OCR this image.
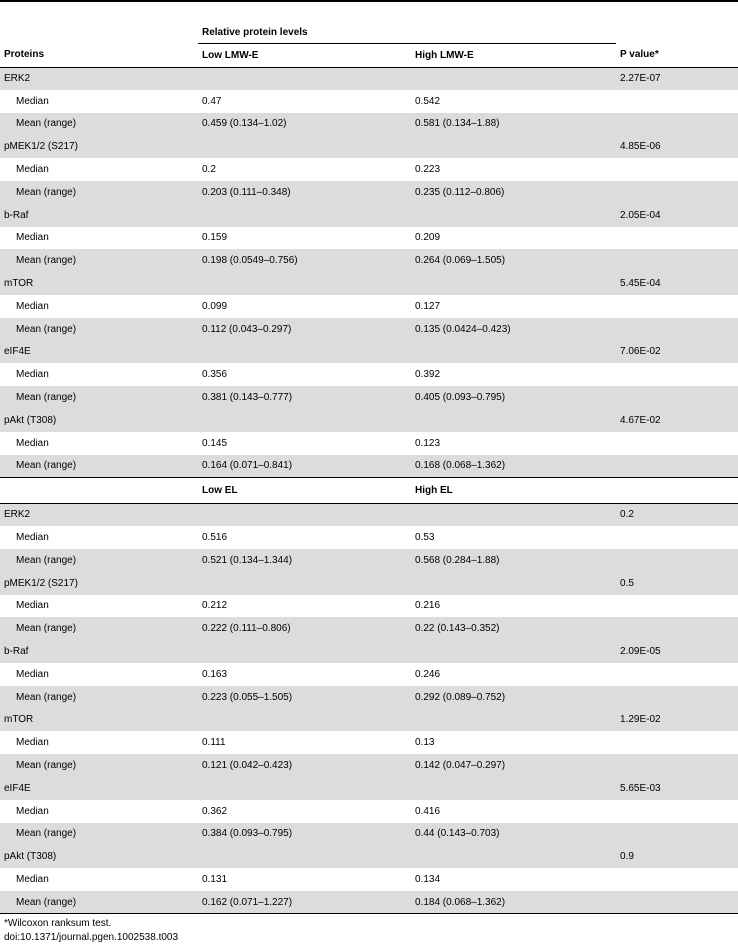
	Relative protein levels		
Proteins	Low LMW-E	High LMW-E	P value*
ERK2			2.27E-07
Median	0.47	0.542	
Mean (range)	0.459 (0.134–1.02)	0.581 (0.134–1.88)	
pMEK1/2 (S217)			4.85E-06
Median	0.2	0.223	
Mean (range)	0.203 (0.111–0.348)	0.235 (0.112–0.806)	
b-Raf			2.05E-04
Median	0.159	0.209	
Mean (range)	0.198 (0.0549–0.756)	0.264 (0.069–1.505)	
mTOR			5.45E-04
Median	0.099	0.127	
Mean (range)	0.112 (0.043–0.297)	0.135 (0.0424–0.423)	
eIF4E			7.06E-02
Median	0.356	0.392	
Mean (range)	0.381 (0.143–0.777)	0.405 (0.093–0.795)	
pAkt (T308)			4.67E-02
Median	0.145	0.123	
Mean (range)	0.164 (0.071–0.841)	0.168 (0.068–1.362)	
	Low EL	High EL	
ERK2			0.2
Median	0.516	0.53	
Mean (range)	0.521 (0.134–1.344)	0.568 (0.284–1.88)	
pMEK1/2 (S217)			0.5
Median	0.212	0.216	
Mean (range)	0.222 (0.111–0.806)	0.22 (0.143–0.352)	
b-Raf			2.09E-05
Median	0.163	0.246	
Mean (range)	0.223 (0.055–1.505)	0.292 (0.089–0.752)	
mTOR			1.29E-02
Median	0.111	0.13	
Mean (range)	0.121 (0.042–0.423)	0.142 (0.047–0.297)	
eIF4E			5.65E-03
Median	0.362	0.416	
Mean (range)	0.384 (0.093–0.795)	0.44 (0.143–0.703)	
pAkt (T308)			0.9
Median	0.131	0.134	
Mean (range)	0.162 (0.071–1.227)	0.184 (0.068–1.362)	
*Wilcoxon ranksum test.
doi:10.1371/journal.pgen.1002538.t003
